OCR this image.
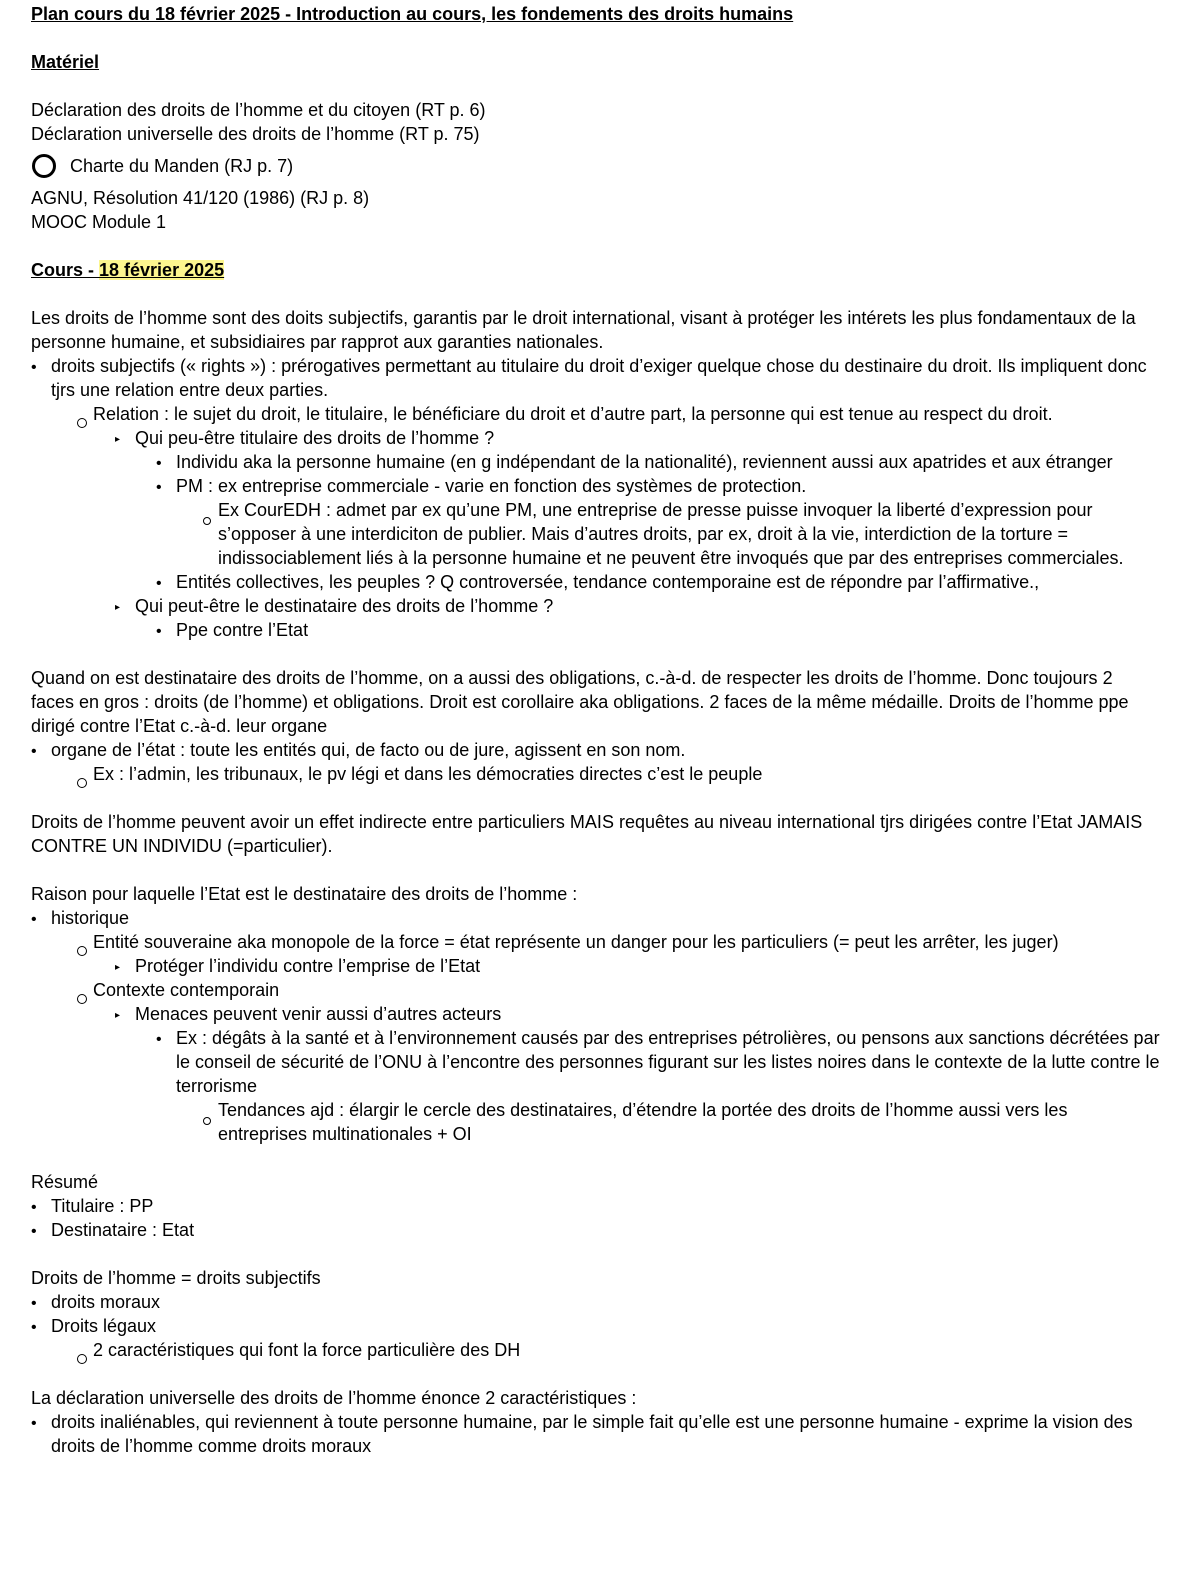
Plan cours du 18 février 2025 - Introduction au cours, les fondements des droits humains
Matériel
Déclaration des droits de l’homme et du citoyen (RT p. 6)
Déclaration universelle des droits de l’homme (RT p. 75)
Charte du Manden (RJ p. 7)
AGNU, Résolution 41/120 (1986) (RJ p. 8)
MOOC Module 1
Cours - 18 février 2025
Les droits de l’homme sont des doits subjectifs, garantis par le droit international, visant à protéger les intérets les plus fondamentaux de la personne humaine, et subsidiaires par rapprot aux garanties nationales.
•
droits subjectifs (« rights ») : prérogatives permettant au titulaire du droit d’exiger quelque chose du destinaire du droit. Ils impliquent donc tjrs une relation entre deux parties.
Relation : le sujet du droit, le titulaire, le bénéficiare du droit et d’autre part, la personne qui est tenue au respect du droit.
▸
Qui peu-être titulaire des droits de l’homme ?
•
Individu aka la personne humaine (en g indépendant de la nationalité), reviennent aussi aux apatrides et aux étranger
•
PM : ex entreprise commerciale - varie en fonction des systèmes de protection.
Ex CourEDH : admet par ex qu’une PM, une entreprise de presse puisse invoquer la liberté d’expression pour s’opposer à une interdiciton de publier. Mais d’autres droits, par ex, droit à la vie, interdiction de la torture = indissociablement liés à la personne humaine et ne peuvent être invoqués que par des entreprises commerciales.
•
Entités collectives, les peuples ? Q controversée, tendance contemporaine est de répondre par l’affirmative.,
▸
Qui peut-être le destinataire des droits de l’homme ?
•
Ppe contre l’Etat
Quand on est destinataire des droits de l’homme, on a aussi des obligations, c.-à-d. de respecter les droits de l’homme. Donc toujours 2 faces en gros : droits (de l’homme) et obligations. Droit est corollaire aka obligations. 2 faces de la même médaille. Droits de l’homme ppe dirigé contre l’Etat c.-à-d. leur organe
•
organe de l’état : toute les entités qui, de facto ou de jure, agissent en son nom.
Ex : l’admin, les tribunaux, le pv légi et dans les démocraties directes c’est le peuple
Droits de l’homme peuvent avoir un effet indirecte entre particuliers MAIS requêtes au niveau international tjrs dirigées contre l’Etat JAMAIS CONTRE UN INDIVIDU (=particulier).
Raison pour laquelle l’Etat est le destinataire des droits de l’homme :
•
historique
Entité souveraine aka monopole de la force = état représente un danger pour les particuliers (= peut les arrêter, les juger)
▸
Protéger l’individu contre l’emprise de l’Etat
Contexte contemporain
▸
Menaces peuvent venir aussi d’autres acteurs
•
Ex : dégâts à la santé et à l’environnement causés par des entreprises pétrolières, ou pensons aux sanctions décrétées par le conseil de sécurité de l’ONU à l’encontre des personnes figurant sur les listes noires dans le contexte de la lutte contre le terrorisme
Tendances ajd : élargir le cercle des destinataires, d’étendre la portée des droits de l’homme aussi vers les entreprises multinationales + OI
Résumé
•
Titulaire : PP
•
Destinataire : Etat
Droits de l’homme = droits subjectifs
•
droits moraux
•
Droits légaux
2 caractéristiques qui font la force particulière des DH
La déclaration universelle des droits de l’homme énonce 2 caractéristiques :
•
droits inaliénables, qui reviennent à toute personne humaine, par le simple fait qu’elle est une personne humaine - exprime la vision des droits de l’homme comme droits moraux
